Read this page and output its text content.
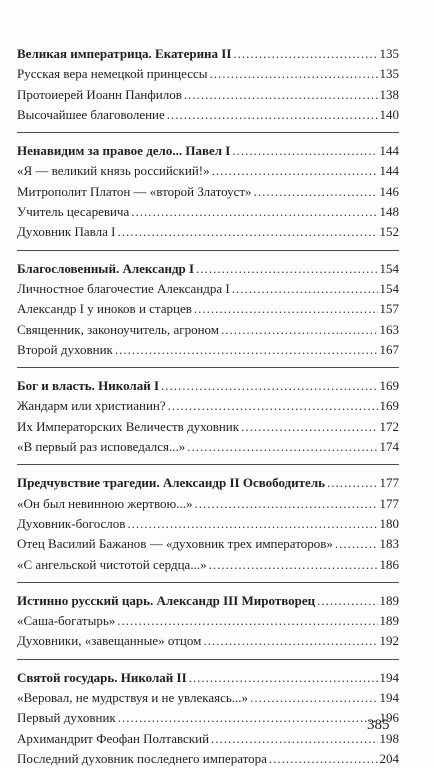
Великая императрица. Екатерина II .....	135
Русская вера немецкой принцессы .....	135
Протоиерей Иоанн Панфилов .....	138
Высочайшее благоволение .....	140
Ненавидим за правое дело... Павел I .....	144
«Я — великий князь российский!» .....	144
Митрополит Платон — «второй Златоуст» .....	146
Учитель цесаревича .....	148
Духовник Павла I .....	152
Благословенный. Александр I .....	154
Личностное благочестие Александра I .....	154
Александр I у иноков и старцев .....	157
Священник, законоучитель, агроном .....	163
Второй духовник .....	167
Бог и власть. Николай I .....	169
Жандарм или христианин? .....	169
Их Императорских Величеств духовник .....	172
«В первый раз исповедался...» .....	174
Предчувствие трагедии. Александр II Освободитель .....	177
«Он был невинною жертвою...» .....	177
Духовник-богослов .....	180
Отец Василий Бажанов — «духовник трех императоров» .....	183
«С ангельской чистотой сердца...» .....	186
Истинно русский царь. Александр III Миротворец .....	189
«Саша-богатырь» .....	189
Духовники, «завещанные» отцом .....	192
Святой государь. Николай II .....	194
«Веровал, не мудрствуя и не увлекаясь...» .....	194
Первый духовник .....	196
Архимандрит Феофан Полтавский .....	198
Последний духовник последнего императора .....	204
385
